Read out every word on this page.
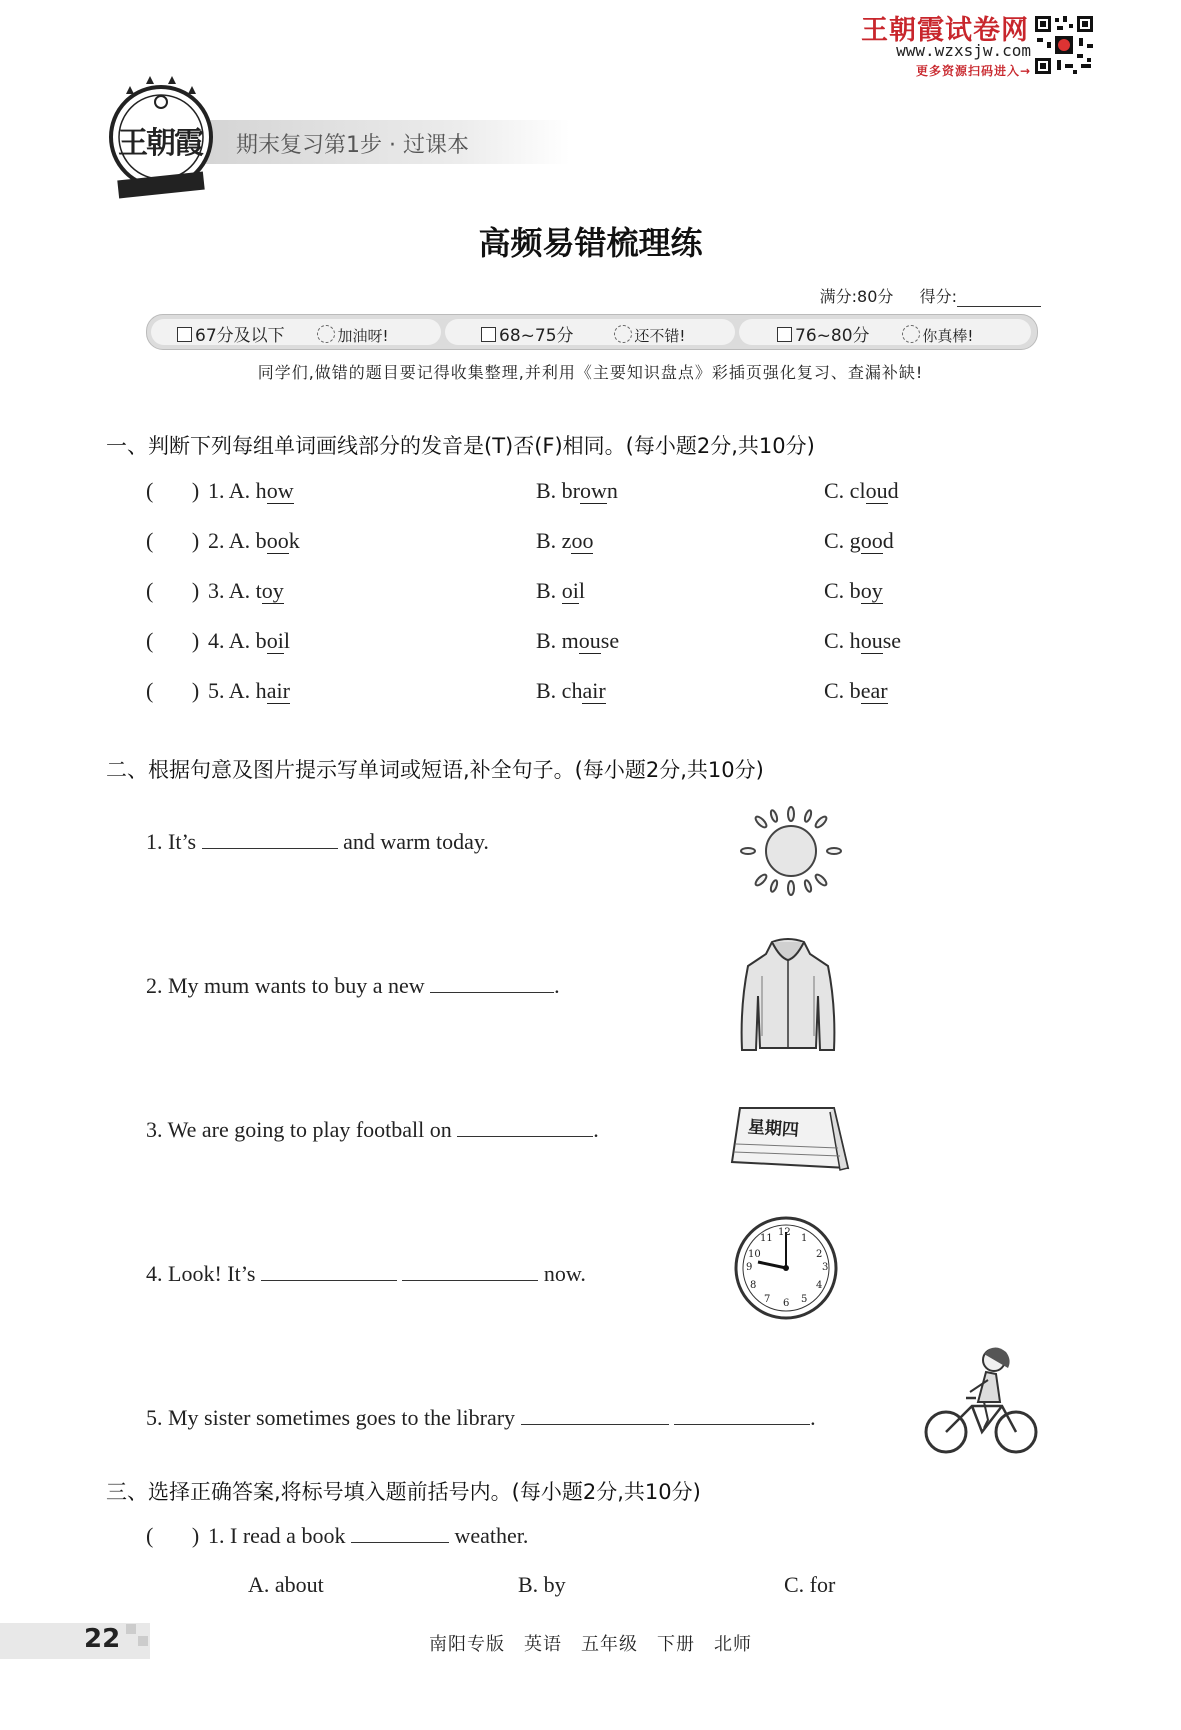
王朝霞试卷网
www.wzxsjw.com
更多资源扫码进入→
期末复习第1步 · 过课本
王朝霞
高频易错梳理练
满分:80分 得分:
67分及以下	加油呀!	68~75分	还不错!	76~80分	你真棒!
同学们,做错的题目要记得收集整理,并利用《主要知识盘点》彩插页强化复习、查漏补缺!
一、判断下列每组单词画线部分的发音是(T)否(F)相同。(每小题2分,共10分)
(       ) 1. A. how	B. brown	C. cloud
(       ) 2. A. book	B. zoo	C. good
(       ) 3. A. toy	B. oil	C. boy
(       ) 4. A. boil	B. mouse	C. house
(       ) 5. A. hair	B. chair	C. bear
二、根据句意及图片提示写单词或短语,补全句子。(每小题2分,共10分)
1. It’s	and warm today.
2. My mum wants to buy a new	.
3. We are going to play football on	.	星期四
4. Look! It’s	now.
12
1
2
3
4
5
6
7
8
9
10
11
5. My sister sometimes goes to the library	.
三、选择正确答案,将标号填入题前括号内。(每小题2分,共10分)
(       ) 1. I read a book	weather.
A. about	B. by	C. for
22	南阳专版　英语　五年级　下册　北师
